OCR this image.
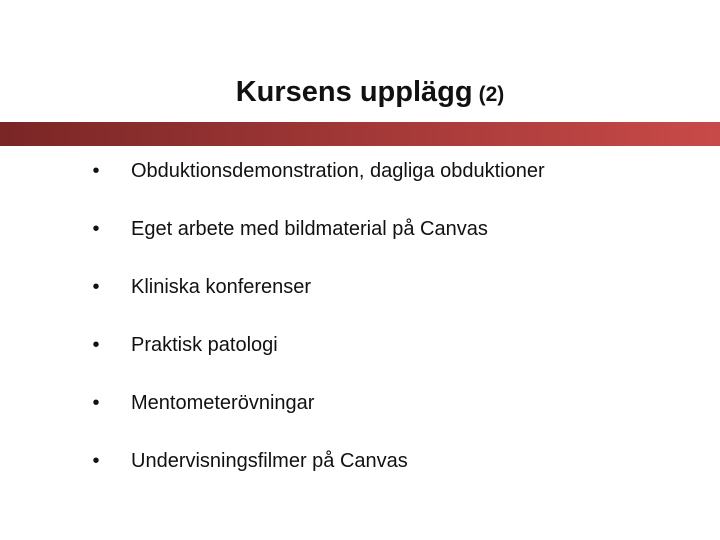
Kursens upplägg (2)
•	Obduktionsdemonstration, dagliga obduktioner
•	Eget arbete med bildmaterial på Canvas
•	Kliniska konferenser
•	Praktisk patologi
•	Mentometerövningar
•	Undervisningsfilmer på Canvas
